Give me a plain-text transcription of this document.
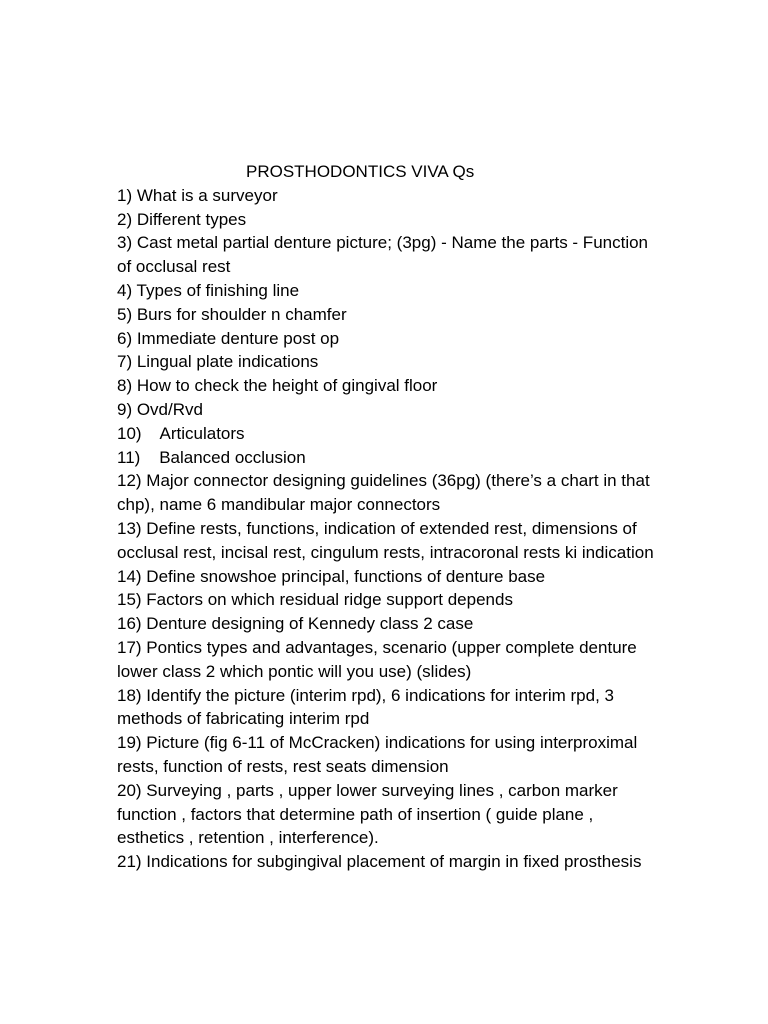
PROSTHODONTICS VIVA Qs
1) What is a surveyor
2) Different types
3) Cast metal partial denture picture; (3pg) - Name the parts - Function of occlusal rest
4) Types of finishing line
5) Burs for shoulder n chamfer
6) Immediate denture post op
7) Lingual plate indications
8) How to check the height of gingival floor
9) Ovd/Rvd
10)    Articulators
11)    Balanced occlusion
12) Major connector designing guidelines (36pg) (there’s a chart in that chp), name 6 mandibular major connectors
13) Define rests, functions, indication of extended rest, dimensions of occlusal rest, incisal rest, cingulum rests, intracoronal rests ki indication
14) Define snowshoe principal, functions of denture base
15) Factors on which residual ridge support depends
16) Denture designing of Kennedy class 2 case
17) Pontics types and advantages, scenario (upper complete denture lower class 2 which pontic will you use) (slides)
18) Identify the picture (interim rpd), 6 indications for interim rpd, 3 methods of fabricating interim rpd
19) Picture (fig 6-11 of McCracken) indications for using interproximal rests, function of rests, rest seats dimension
20) Surveying , parts , upper lower surveying lines , carbon marker function , factors that determine path of insertion ( guide plane , esthetics , retention , interference).
21) Indications for subgingival placement of margin in fixed prosthesis
